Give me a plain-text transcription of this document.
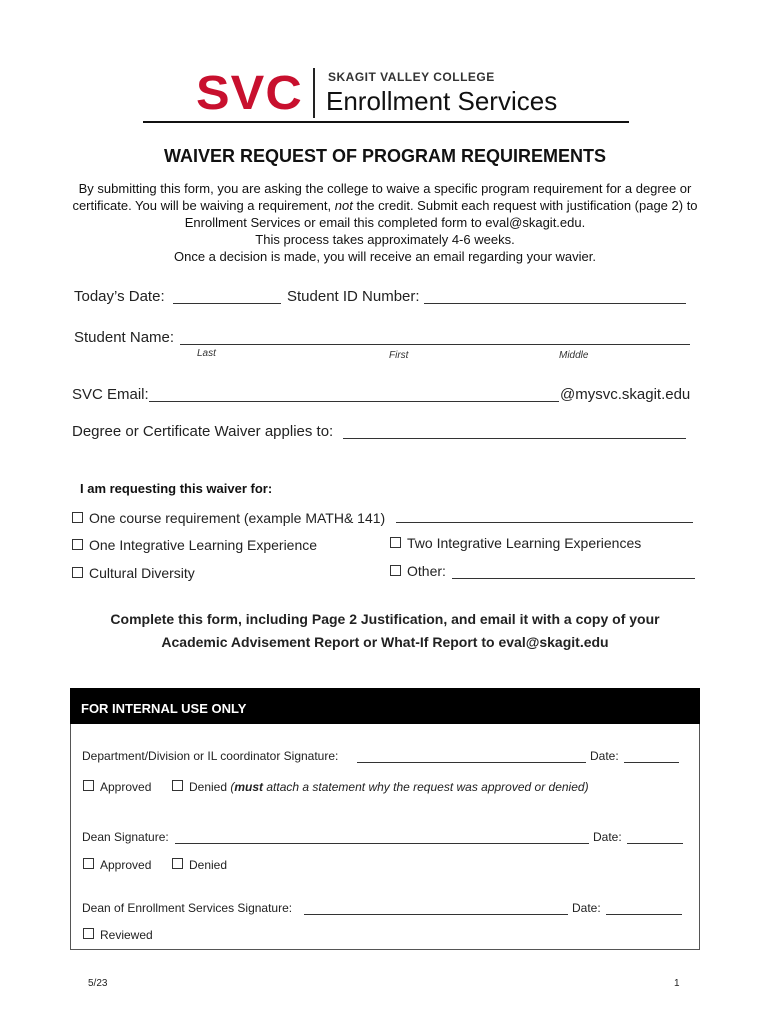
SVC SKAGIT VALLEY COLLEGE
Enrollment Services
WAIVER REQUEST OF PROGRAM REQUIREMENTS
By submitting this form, you are asking the college to waive a specific program requirement for a degree or certificate. You will be waiving a requirement, not the credit. Submit each request with justification (page 2) to Enrollment Services or email this completed form to eval@skagit.edu.
This process takes approximately 4-6 weeks.
Once a decision is made, you will receive an email regarding your wavier.
Today’s Date:	Student ID Number:
Student Name:
Last	First	Middle
SVC Email:	@mysvc.skagit.edu
Degree or Certificate Waiver applies to:
I am requesting this waiver for:
One course requirement (example MATH& 141)
One Integrative Learning Experience	Two Integrative Learning Experiences
Cultural Diversity	Other:
Complete this form, including Page 2 Justification, and email it with a copy of your
Academic Advisement Report or What-If Report to eval@skagit.edu
FOR INTERNAL USE ONLY
Department/Division or IL coordinator Signature:	Date:
Approved	Denied (must attach a statement why the request was approved or denied)
Dean Signature:	Date:
Approved	Denied
Dean of Enrollment Services Signature:	Date:
Reviewed
5/23	1
